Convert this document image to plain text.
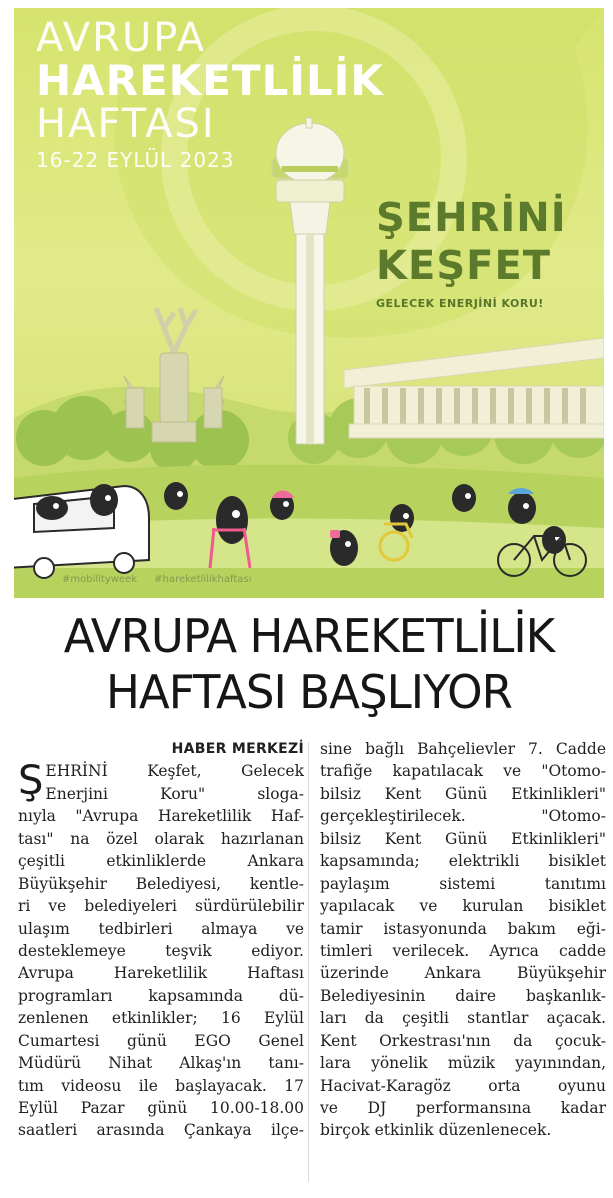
AVRUPA
HAREKETLİLİK
HAFTASI
16-22 EYLÜL 2023
ŞEHRİNİ
KEŞFET
GELECEK ENERJİNİ KORU!
#mobilityweek #hareketlilikhaftası
AVRUPA HAREKETLİLİK
HAFTASI BAŞLIYOR
HABER MERKEZİ
Ş EHRİNİ Keşfet, Gelecek
Enerjini Koru" sloga-
nıyla "Avrupa Hareketlilik Haf-
tası" na özel olarak hazırlanan
çeşitli etkinliklerde Ankara
Büyükşehir Belediyesi, kentle-
ri ve belediyeleri sürdürülebilir
ulaşım tedbirleri almaya ve
desteklemeye teşvik ediyor.
Avrupa Hareketlilik Haftası
programları kapsamında dü-
zenlenen etkinlikler; 16 Eylül
Cumartesi günü EGO Genel
Müdürü Nihat Alkaş'ın tanı-
tım videosu ile başlayacak. 17
Eylül Pazar günü 10.00-18.00
saatleri arasında Çankaya ilçe-
sine bağlı Bahçelievler 7. Cadde
trafiğe kapatılacak ve "Otomo-
bilsiz Kent Günü Etkinlikleri"
gerçekleştirilecek. "Otomo-
bilsiz Kent Günü Etkinlikleri"
kapsamında; elektrikli bisiklet
paylaşım sistemi tanıtımı
yapılacak ve kurulan bisiklet
tamir istasyonunda bakım eği-
timleri verilecek. Ayrıca cadde
üzerinde Ankara Büyükşehir
Belediyesinin daire başkanlık-
ları da çeşitli stantlar açacak.
Kent Orkestrası'nın da çocuk-
lara yönelik müzik yayınından,
Hacivat-Karagöz orta oyunu
ve DJ performansına kadar
birçok etkinlik düzenlenecek.
